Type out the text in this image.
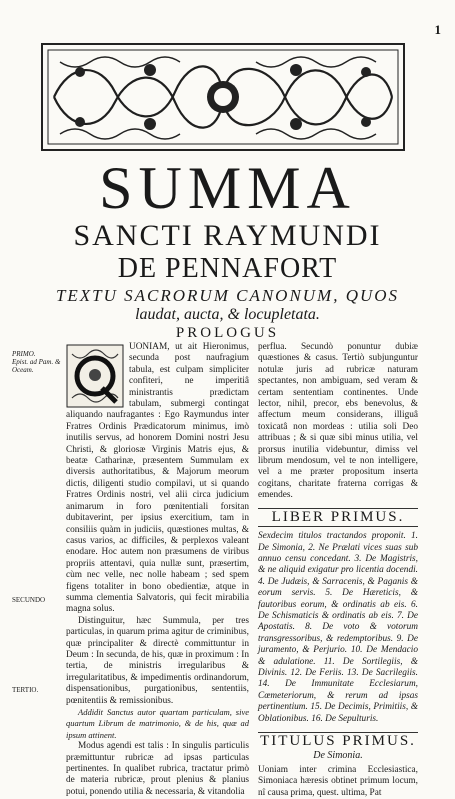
1
SUMMA
SANCTI RAYMUNDI
DE PENNAFORT
TEXTU SACRORUM CANONUM, QUOS
laudat, aucta, & locupletata.
PROLOGUS
PRIMO.
Epist. ad Pam. & Oceam.
SECUNDO
TERTIO.

UONIAM, ut ait Hieronimus, secunda post naufragium tabula, est culpam simpliciter confiteri, ne imperitiâ ministrantis prædictam tabulam, submergi contingat aliquando naufragantes : Ego Raymundus inter Fratres Ordinis Prædicatorum minimus, imò inutilis servus, ad honorem Domini nostri Jesu Christi, & gloriosæ Virginis Matris ejus, & beatæ Catharinæ, præsentem Summulam ex diversis authoritatibus, & Majorum meorum dictis, diligenti studio compilavi, ut si quando Fratres Ordinis nostri, vel alii circa judicium animarum in foro pœnitentiali forsitan dubitaverint, per ipsius exercitium, tam in consiliis quàm in judiciis, quæstiones multas, & casus varios, ac difficiles, & perplexos valeant enodare. Hoc autem non præsumens de viribus propriis attentavi, quia nullæ sunt, præsertim, cùm nec velle, nec nolle habeam ; sed spem figens totaliter in bono obedientiæ, atque in summa clementia Salvatoris, qui fecit mirabilia magna solus.

Distinguitur, hæc Summula, per tres particulas, in quarum prima agitur de criminibus, quæ principaliter & directè committuntur in Deum : In secunda, de his, quæ in proximum : In tertia, de ministris irregularibus & irregularitatibus, & impedimentis ordinandorum, dispensationibus, purgationibus, sententiis, pœnitentiis & remissionibus.

Addidit Sanctus autor quartam particulam, sive quartum Librum de matrimonio, & de his, quæ ad ipsum attinent.

Modus agendi est talis : In singulis particulis præmittuntur rubricæ ad ipsas particulas pertinentes. In qualibet rubrica, tractatur primò de materia rubricæ, prout plenius & planius potui, ponendo utilia & necessaria, & vitandolia

perflua. Secundò ponuntur dubiæ quæstiones & casus. Tertiò subjunguntur notulæ juris ad rubricæ naturam spectantes, non ambiguam, sed veram & certam sententiam continentes. Unde lector, nihil, precor, ebs benevolus, & affectum meum considerans, illiguâ toxicatâ non mordeas : utilia soli Deo attribuas ; & si quæ sibi minus utilia, vel prorsus inutilia videbuntur, dimiss vel librum mendosum, vel te non intelligere, vel a me præter propositum inserta cogitans, charitate fraterna corrigas & emendes.

LIBER PRIMUS.

Sexdecim titulos tractandos proponit. 1. De Simonia, 2. Ne Prælati vices suas sub annuo censu concedant. 3. De Magistris, & ne aliquid exigatur pro licentia docendi. 4. De Judæis, & Sarracenis, & Paganis & eorum servis. 5. De Hæreticis, & fautoribus eorum, & ordinatis ab eis. 6. De Schismaticis & ordinatis ab eis. 7. De Apostatis. 8. De voto & votorum transgressoribus, & redemptoribus. 9. De juramento, & Perjurio. 10. De Mendacio & adulatione. 11. De Sortilegiis, & Divinis. 12. De Feriis. 13. De Sacrilegiis. 14. De Immunitate Ecclesiarum, Cœmeteriorum, & rerum ad ipsas pertinentium. 15. De Decimis, Primitiis, & Oblationibus. 16. De Sepulturis.

TITULUS PRIMUS.
De Simonia.

Uoniam inter crimina Ecclesiastica, Simoniaca hæresis obtinet primum locum, nî causa prima, quest. ultima, Pat
